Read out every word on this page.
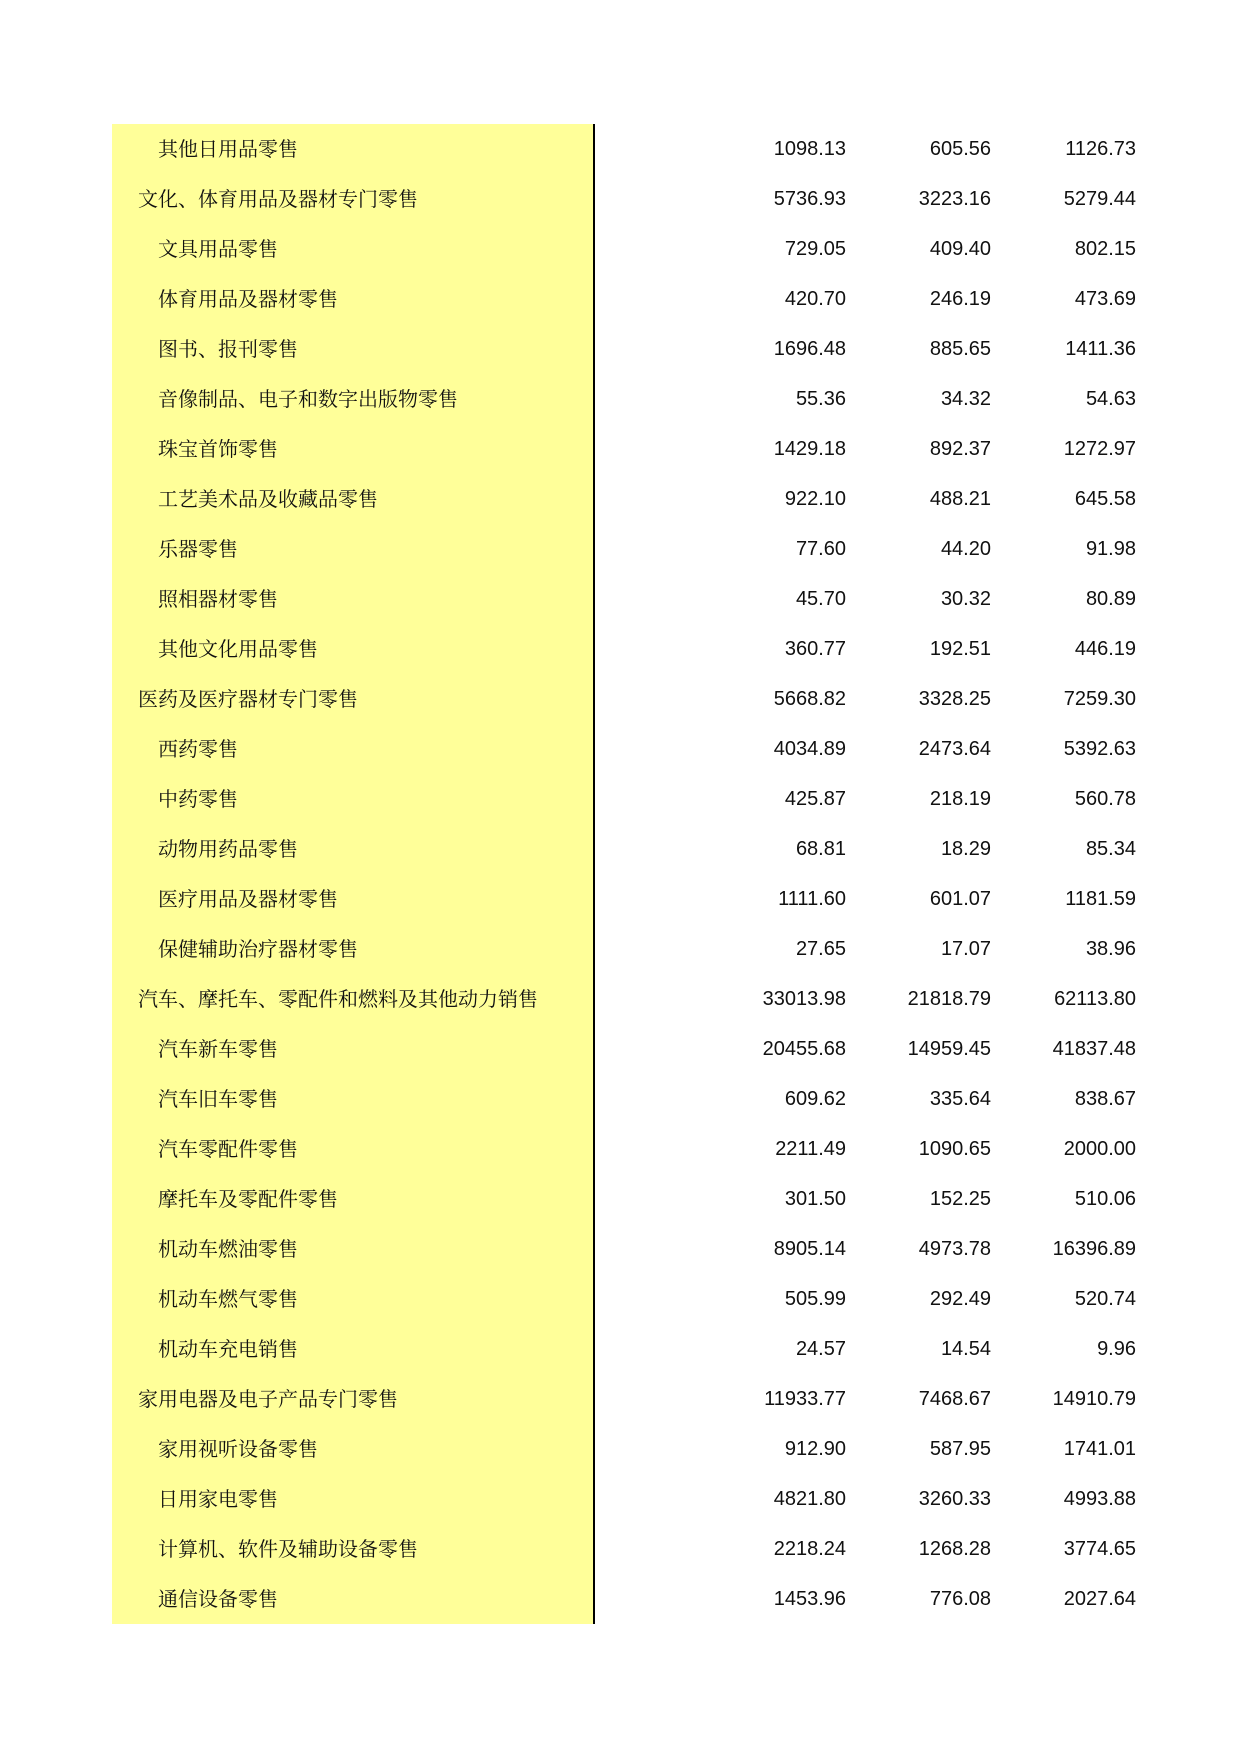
其他日用品零售	1098.13	605.56	1126.73
文化、体育用品及器材专门零售	5736.93	3223.16	5279.44
文具用品零售	729.05	409.40	802.15
体育用品及器材零售	420.70	246.19	473.69
图书、报刊零售	1696.48	885.65	1411.36
音像制品、电子和数字出版物零售	55.36	34.32	54.63
珠宝首饰零售	1429.18	892.37	1272.97
工艺美术品及收藏品零售	922.10	488.21	645.58
乐器零售	77.60	44.20	91.98
照相器材零售	45.70	30.32	80.89
其他文化用品零售	360.77	192.51	446.19
医药及医疗器材专门零售	5668.82	3328.25	7259.30
西药零售	4034.89	2473.64	5392.63
中药零售	425.87	218.19	560.78
动物用药品零售	68.81	18.29	85.34
医疗用品及器材零售	1111.60	601.07	1181.59
保健辅助治疗器材零售	27.65	17.07	38.96
汽车、摩托车、零配件和燃料及其他动力销售	33013.98	21818.79	62113.80
汽车新车零售	20455.68	14959.45	41837.48
汽车旧车零售	609.62	335.64	838.67
汽车零配件零售	2211.49	1090.65	2000.00
摩托车及零配件零售	301.50	152.25	510.06
机动车燃油零售	8905.14	4973.78	16396.89
机动车燃气零售	505.99	292.49	520.74
机动车充电销售	24.57	14.54	9.96
家用电器及电子产品专门零售	11933.77	7468.67	14910.79
家用视听设备零售	912.90	587.95	1741.01
日用家电零售	4821.80	3260.33	4993.88
计算机、软件及辅助设备零售	2218.24	1268.28	3774.65
通信设备零售	1453.96	776.08	2027.64
